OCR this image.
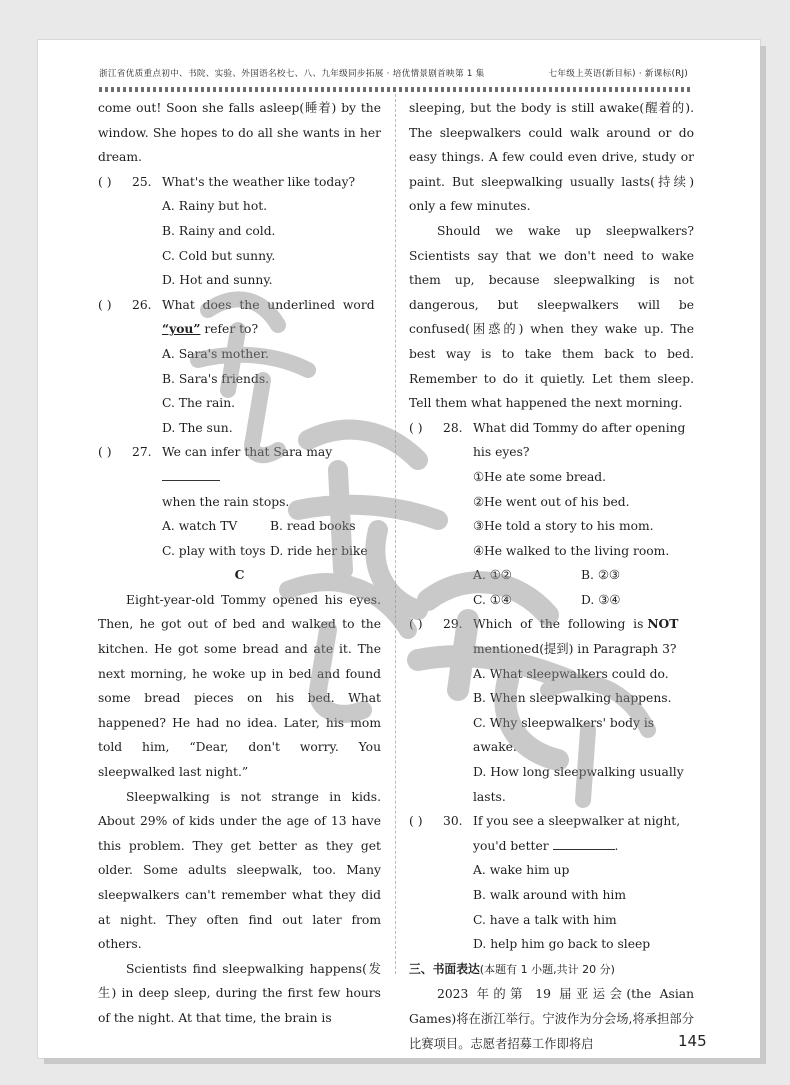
浙江省优质重点初中、书院、实验、外国语名校七、八、九年级同步拓展 · 培优情景剧首映第 1 集	七年级上英语(新目标) · 新课标(RJ)

come out! Soon she falls asleep(睡着) by the window. She hopes to do all she wants in her dream.

( ) 25. What's the weather like today?

A. Rainy but hot.

B. Rainy and cold.

C. Cold but sunny.

D. Hot and sunny.

( ) 26. What  does  the  underlined  word

“you” refer to?

A. Sara's mother.

B. Sara's friends.

C. The rain.

D. The sun.

( ) 27. We can infer that Sara may

when the rain stops.

A. watch TV	B. read books
C. play with toys D. ride her bike

C

Eight-year-old Tommy opened his eyes. Then, he got out of bed and walked to the kitchen. He got some bread and ate it. The next morning, he woke up in bed and found some bread pieces on his bed. What happened? He had no idea. Later, his mom told him, “Dear, don't worry. You sleepwalked last night.”

Sleepwalking is not strange in kids. About 29% of kids under the age of 13 have this problem. They get better as they get older. Some adults sleepwalk, too. Many sleepwalkers can't remember what they did at night. They often find out later from others.

Scientists find sleepwalking happens(发生) in deep sleep, during the first few hours of the night. At that time, the brain is

sleeping, but the body is still awake(醒着的). The sleepwalkers could walk around or do easy things. A few could even drive, study or paint. But sleepwalking usually lasts(持续) only a few minutes.

Should we wake up sleepwalkers? Scientists say that we don't need to wake them up, because sleepwalking is not dangerous, but sleepwalkers will be confused(困惑的) when they wake up. The best way is to take them back to bed. Remember to do it quietly. Let them sleep. Tell them what happened the next morning.

( ) 28. What did Tommy do after opening his eyes?

①He ate some bread.

②He went out of his bed.

③He told a story to his mom.

④He walked to the living room.

A. ①②	B. ②③
C. ①④	D. ③④
( ) 29. Which  of  the  following  is NOT

mentioned(提到) in Paragraph 3?

A. What sleepwalkers could do.

B. When sleepwalking happens.

C. Why sleepwalkers' body is awake.

D. How long sleepwalking usually lasts.

( ) 30. If you see a sleepwalker at night,

you'd better	.

A. wake him up

B. walk around with him

C. have a talk with him

D. help him go back to sleep

三、书面表达(本题有 1 小题,共计 20 分)

2023 年的第 19 届亚运会(the Asian Games)将在浙江举行。宁波作为分会场,将承担部分比赛项目。志愿者招募工作即将启	145
